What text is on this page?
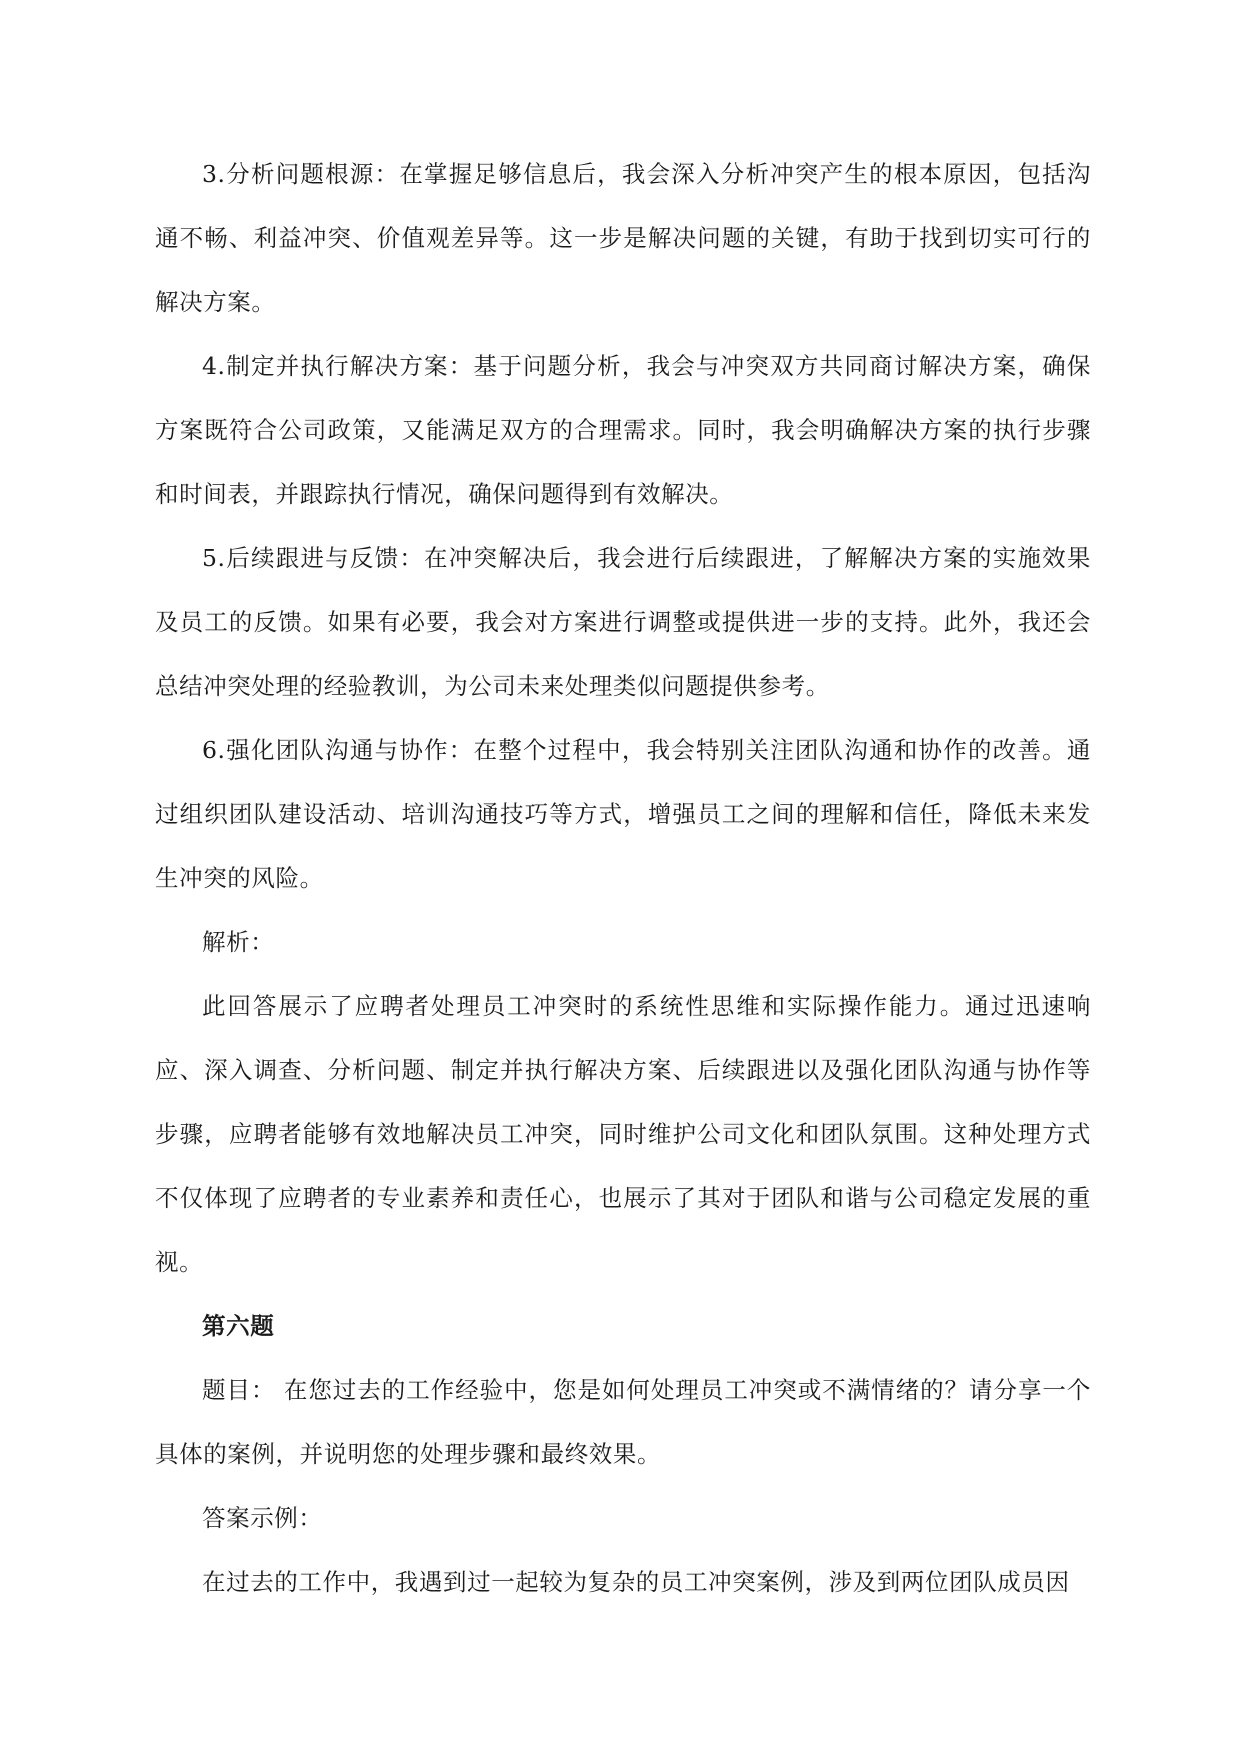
3.分析问题根源：在掌握足够信息后，我会深入分析冲突产生的根本原因，包括沟通不畅、利益冲突、价值观差异等。这一步是解决问题的关键，有助于找到切实可行的解决方案。

4.制定并执行解决方案：基于问题分析，我会与冲突双方共同商讨解决方案，确保方案既符合公司政策，又能满足双方的合理需求。同时，我会明确解决方案的执行步骤和时间表，并跟踪执行情况，确保问题得到有效解决。

5.后续跟进与反馈：在冲突解决后，我会进行后续跟进，了解解决方案的实施效果及员工的反馈。如果有必要，我会对方案进行调整或提供进一步的支持。此外，我还会总结冲突处理的经验教训，为公司未来处理类似问题提供参考。

6.强化团队沟通与协作：在整个过程中，我会特别关注团队沟通和协作的改善。通过组织团队建设活动、培训沟通技巧等方式，增强员工之间的理解和信任，降低未来发生冲突的风险。

解析：

此回答展示了应聘者处理员工冲突时的系统性思维和实际操作能力。通过迅速响应、深入调查、分析问题、制定并执行解决方案、后续跟进以及强化团队沟通与协作等步骤，应聘者能够有效地解决员工冲突，同时维护公司文化和团队氛围。这种处理方式不仅体现了应聘者的专业素养和责任心，也展示了其对于团队和谐与公司稳定发展的重视。

第六题

题目： 在您过去的工作经验中，您是如何处理员工冲突或不满情绪的？请分享一个具体的案例，并说明您的处理步骤和最终效果。

答案示例：

在过去的工作中，我遇到过一起较为复杂的员工冲突案例，涉及到两位团队成员因
